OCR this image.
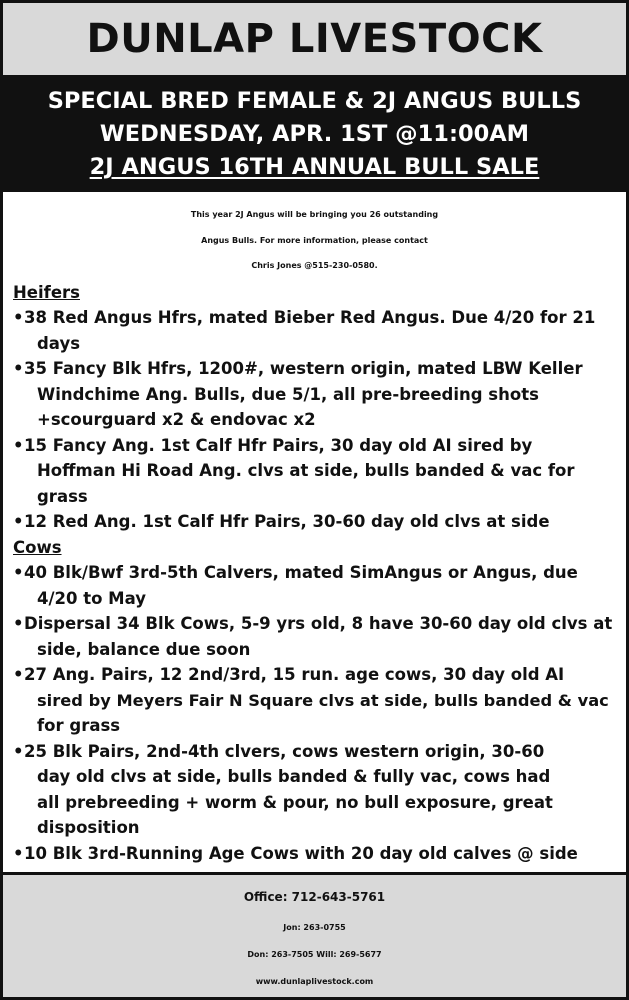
DUNLAP LIVESTOCK
SPECIAL BRED FEMALE & 2J ANGUS BULLS
WEDNESDAY, APR. 1ST @11:00AM
2J ANGUS 16TH ANNUAL BULL SALE
This year 2J Angus will be bringing you 26 outstanding
Angus Bulls. For more information, please contact
Chris Jones @515-230-0580.
Heifers
• 38 Red Angus Hfrs, mated Bieber Red Angus. Due 4/20 for 21
days
• 35 Fancy Blk Hfrs, 1200#, western origin, mated LBW Keller
Windchime Ang. Bulls, due 5/1, all pre-breeding shots
+scourguard x2 & endovac x2
• 15 Fancy Ang. 1st Calf Hfr Pairs, 30 day old AI sired by
Hoffman Hi Road Ang. clvs at side, bulls banded & vac for
grass
• 12 Red Ang. 1st Calf Hfr Pairs, 30-60 day old clvs at side
Cows
• 40 Blk/Bwf 3rd-5th Calvers, mated SimAngus or Angus, due
4/20 to May
• Dispersal 34 Blk Cows, 5-9 yrs old, 8 have 30-60 day old clvs at
side, balance due soon
• 27 Ang. Pairs, 12 2nd/3rd, 15 run. age cows, 30 day old AI
sired by Meyers Fair N Square clvs at side, bulls banded & vac
for grass
• 25 Blk Pairs, 2nd-4th clvers, cows western origin, 30-60
day old clvs at side, bulls banded & fully vac, cows had
all prebreeding + worm & pour, no bull exposure, great
disposition
• 10 Blk 3rd-Running Age Cows with 20 day old calves @ side
Office: 712-643-5761
Jon: 263-0755
Don: 263-7505 Will: 269-5677
www.dunlaplivestock.com
